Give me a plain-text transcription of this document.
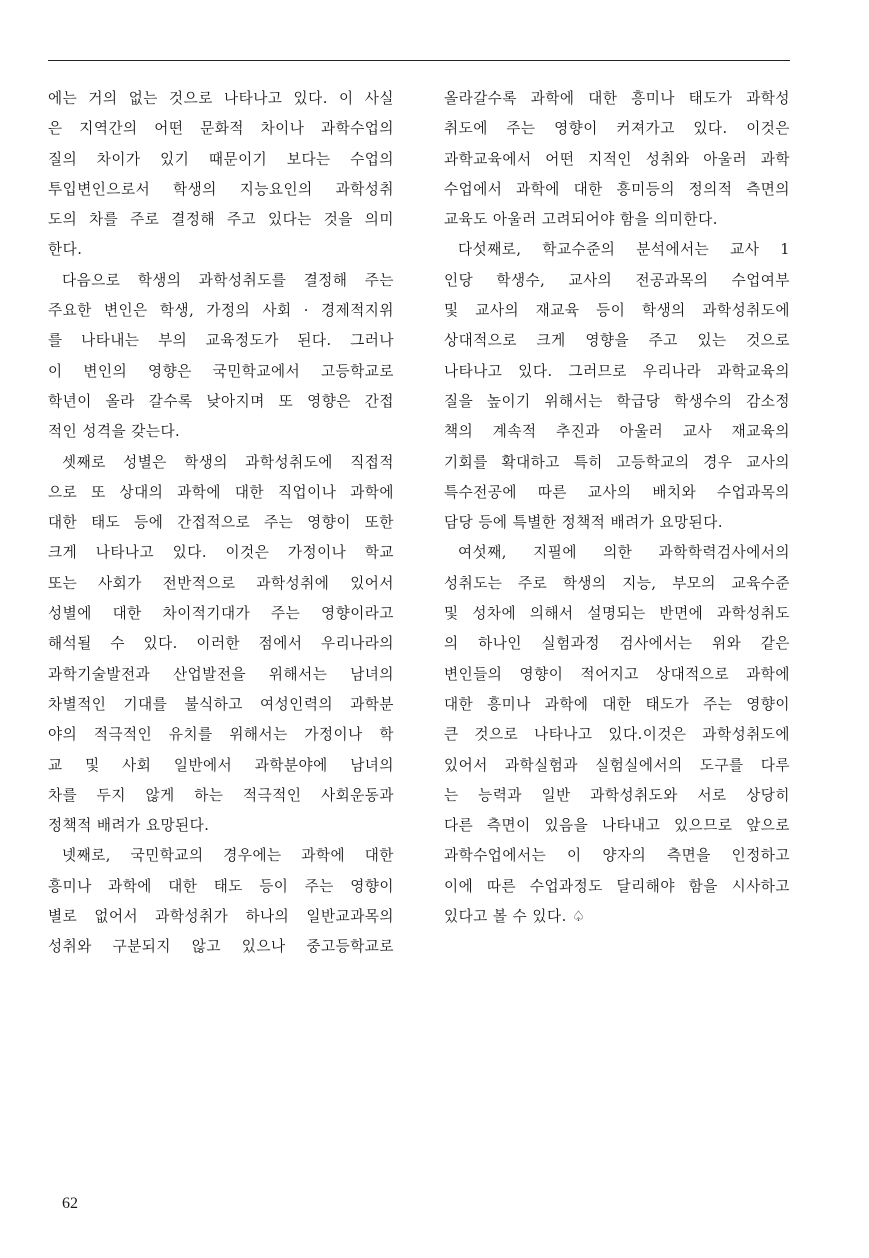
에는 거의 없는 것으로 나타나고 있다. 이 사실
은 지역간의 어떤 문화적 차이나 과학수업의
질의 차이가 있기 때문이기 보다는 수업의
투입변인으로서 학생의 지능요인의 과학성취
도의 차를 주로 결정해 주고 있다는 것을 의미
한다.
다음으로 학생의 과학성취도를 결정해 주는
주요한 변인은 학생, 가정의 사회 · 경제적지위
를 나타내는 부의 교육정도가 된다. 그러나
이 변인의 영향은 국민학교에서 고등학교로
학년이 올라 갈수록 낮아지며 또 영향은 간접
적인 성격을 갖는다.
셋째로 성별은 학생의 과학성취도에 직접적
으로 또 상대의 과학에 대한 직업이나 과학에
대한 태도 등에 간접적으로 주는 영향이 또한
크게 나타나고 있다. 이것은 가정이나 학교
또는 사회가 전반적으로 과학성취에 있어서
성별에 대한 차이적기대가 주는 영향이라고
해석될 수 있다. 이러한 점에서 우리나라의
과학기술발전과 산업발전을 위해서는 남녀의
차별적인 기대를 불식하고 여성인력의 과학분
야의 적극적인 유치를 위해서는 가정이나 학
교 및 사회 일반에서 과학분야에 남녀의
차를 두지 않게 하는 적극적인 사회운동과
정책적 배려가 요망된다.
넷째로, 국민학교의 경우에는 과학에 대한
흥미나 과학에 대한 태도 등이 주는 영향이
별로 없어서 과학성취가 하나의 일반교과목의
성취와 구분되지 않고 있으나 중고등학교로
올라갈수록 과학에 대한 흥미나 태도가 과학성
취도에 주는 영향이 커져가고 있다. 이것은
과학교육에서 어떤 지적인 성취와 아울러 과학
수업에서 과학에 대한 흥미등의 정의적 측면의
교육도 아울러 고려되어야 함을 의미한다.
다섯째로, 학교수준의 분석에서는 교사 1
인당 학생수, 교사의 전공과목의 수업여부
및 교사의 재교육 등이 학생의 과학성취도에
상대적으로 크게 영향을 주고 있는 것으로
나타나고 있다. 그러므로 우리나라 과학교육의
질을 높이기 위해서는 학급당 학생수의 감소정
책의 계속적 추진과 아울러 교사 재교육의
기회를 확대하고 특히 고등학교의 경우 교사의
특수전공에 따른 교사의 배치와 수업과목의
담당 등에 특별한 정책적 배려가 요망된다.
여섯째, 지필에 의한 과학학력검사에서의
성취도는 주로 학생의 지능, 부모의 교육수준
및 성차에 의해서 설명되는 반면에 과학성취도
의 하나인 실험과정 검사에서는 위와 같은
변인들의 영향이 적어지고 상대적으로 과학에
대한 흥미나 과학에 대한 태도가 주는 영향이
큰 것으로 나타나고 있다.이것은 과학성취도에
있어서 과학실험과 실험실에서의 도구를 다루
는 능력과 일반 과학성취도와 서로 상당히
다른 측면이 있음을 나타내고 있으므로 앞으로
과학수업에서는 이 양자의 측면을 인정하고
이에 따른 수업과정도 달리해야 함을 시사하고
있다고 볼 수 있다. ♤
62
